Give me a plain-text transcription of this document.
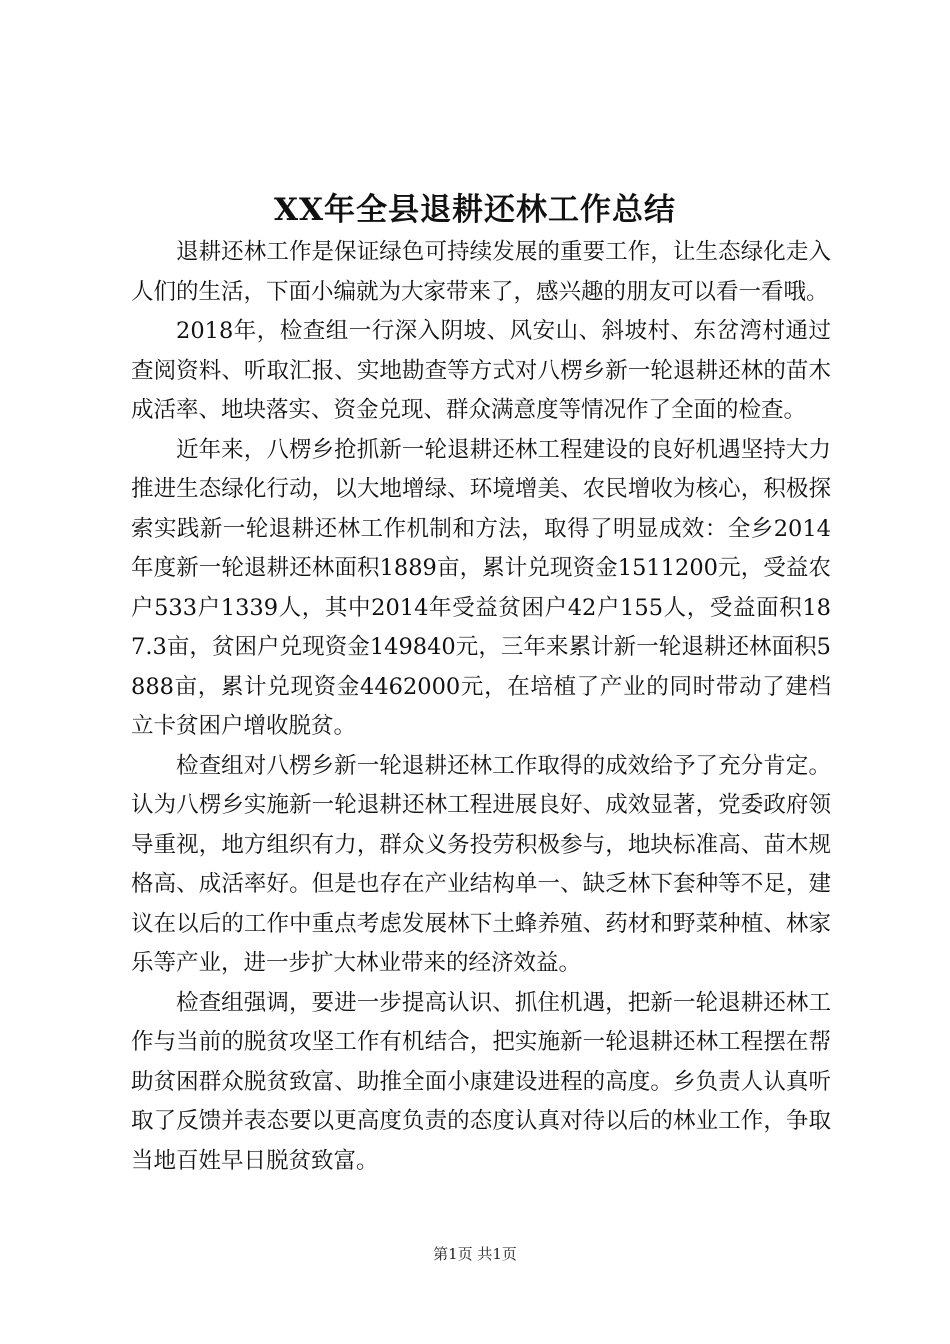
XX年全县退耕还林工作总结

退耕还林工作是保证绿色可持续发展的重要工作，让生态绿化走入人们的生活，下面小编就为大家带来了，感兴趣的朋友可以看一看哦。

2018年，检查组一行深入阴坡、风安山、斜坡村、东岔湾村通过查阅资料、听取汇报、实地勘查等方式对八楞乡新一轮退耕还林的苗木成活率、地块落实、资金兑现、群众满意度等情况作了全面的检查。

近年来，八楞乡抢抓新一轮退耕还林工程建设的良好机遇坚持大力推进生态绿化行动，以大地增绿、环境增美、农民增收为核心，积极探索实践新一轮退耕还林工作机制和方法，取得了明显成效：全乡2014年度新一轮退耕还林面积1889亩，累计兑现资金1511200元，受益农户533户1339人，其中2014年受益贫困户42户155人，受益面积187.3亩，贫困户兑现资金149840元，三年来累计新一轮退耕还林面积5888亩，累计兑现资金4462000元，在培植了产业的同时带动了建档立卡贫困户增收脱贫。

检查组对八楞乡新一轮退耕还林工作取得的成效给予了充分肯定。认为八楞乡实施新一轮退耕还林工程进展良好、成效显著，党委政府领导重视，地方组织有力，群众义务投劳积极参与，地块标准高、苗木规格高、成活率好。但是也存在产业结构单一、缺乏林下套种等不足，建议在以后的工作中重点考虑发展林下土蜂养殖、药材和野菜种植、林家乐等产业，进一步扩大林业带来的经济效益。

检查组强调，要进一步提高认识、抓住机遇，把新一轮退耕还林工作与当前的脱贫攻坚工作有机结合，把实施新一轮退耕还林工程摆在帮助贫困群众脱贫致富、助推全面小康建设进程的高度。乡负责人认真听取了反馈并表态要以更高度负责的态度认真对待以后的林业工作，争取当地百姓早日脱贫致富。

第1页 共1页
